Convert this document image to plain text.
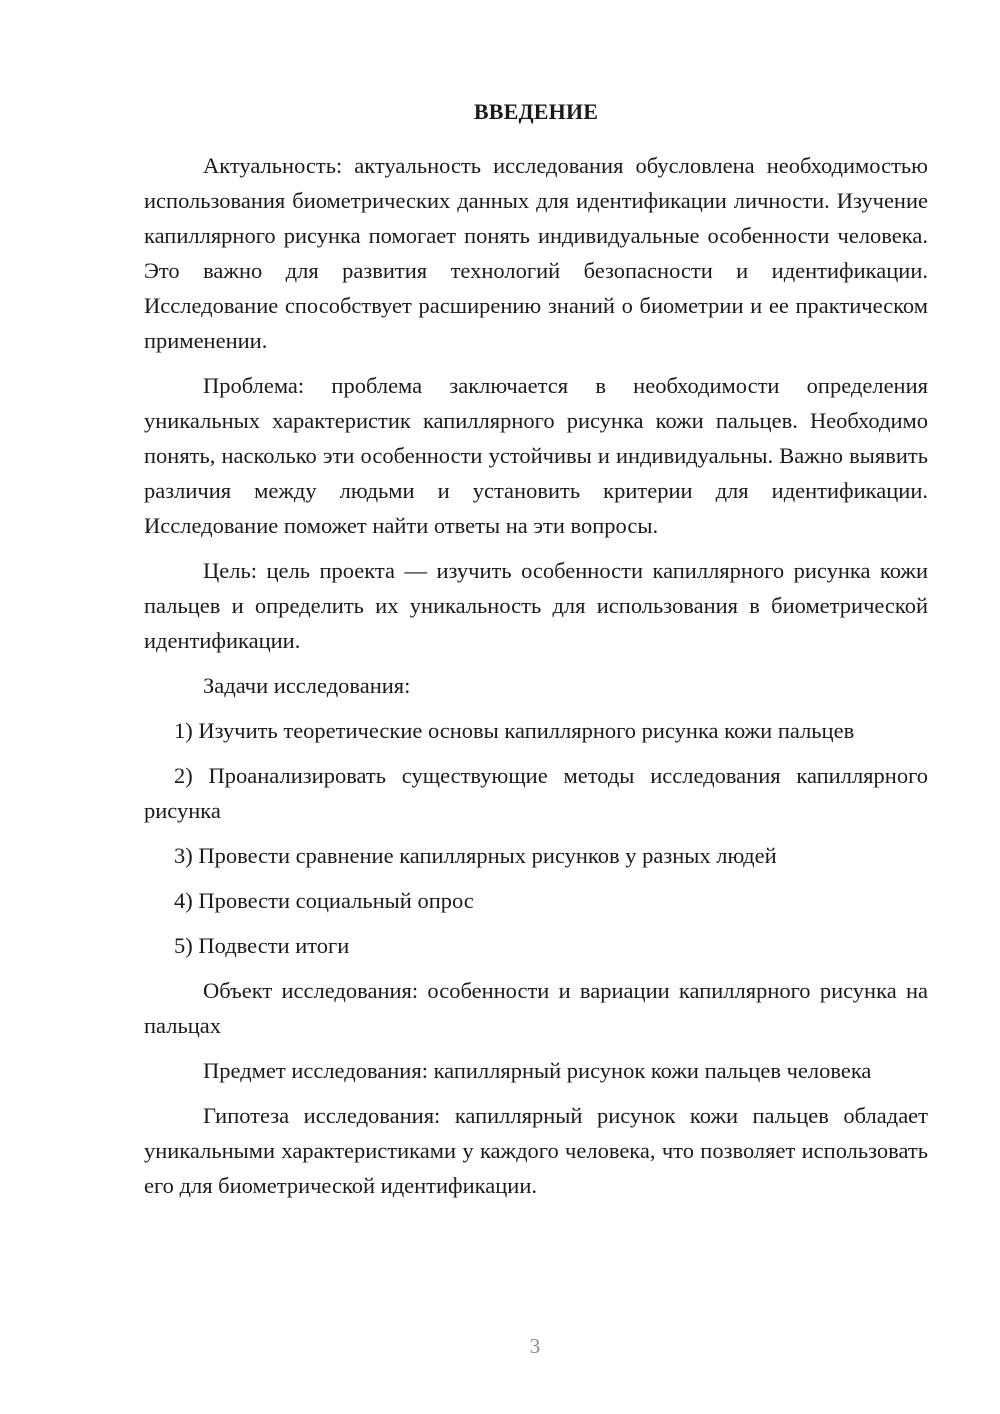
ВВЕДЕНИЕ

Актуальность: актуальность исследования обусловлена необходимостью использования биометрических данных для идентификации личности. Изучение капиллярного рисунка помогает понять индивидуальные особенности человека. Это важно для развития технологий безопасности и идентификации. Исследование способствует расширению знаний о биометрии и ее практическом применении.

Проблема: проблема заключается в необходимости определения уникальных характеристик капиллярного рисунка кожи пальцев. Необходимо понять, насколько эти особенности устойчивы и индивидуальны. Важно выявить различия между людьми и установить критерии для идентификации. Исследование поможет найти ответы на эти вопросы.

Цель: цель проекта — изучить особенности капиллярного рисунка кожи пальцев и определить их уникальность для использования в биометрической идентификации.

Задачи исследования:

1) Изучить теоретические основы капиллярного рисунка кожи пальцев

2) Проанализировать существующие методы исследования капиллярного рисунка

3) Провести сравнение капиллярных рисунков у разных людей

4) Провести социальный опрос

5) Подвести итоги

Объект исследования: особенности и вариации капиллярного рисунка на пальцах

Предмет исследования: капиллярный рисунок кожи пальцев человека

Гипотеза исследования: капиллярный рисунок кожи пальцев обладает уникальными характеристиками у каждого человека, что позволяет использовать его для биометрической идентификации.

3
